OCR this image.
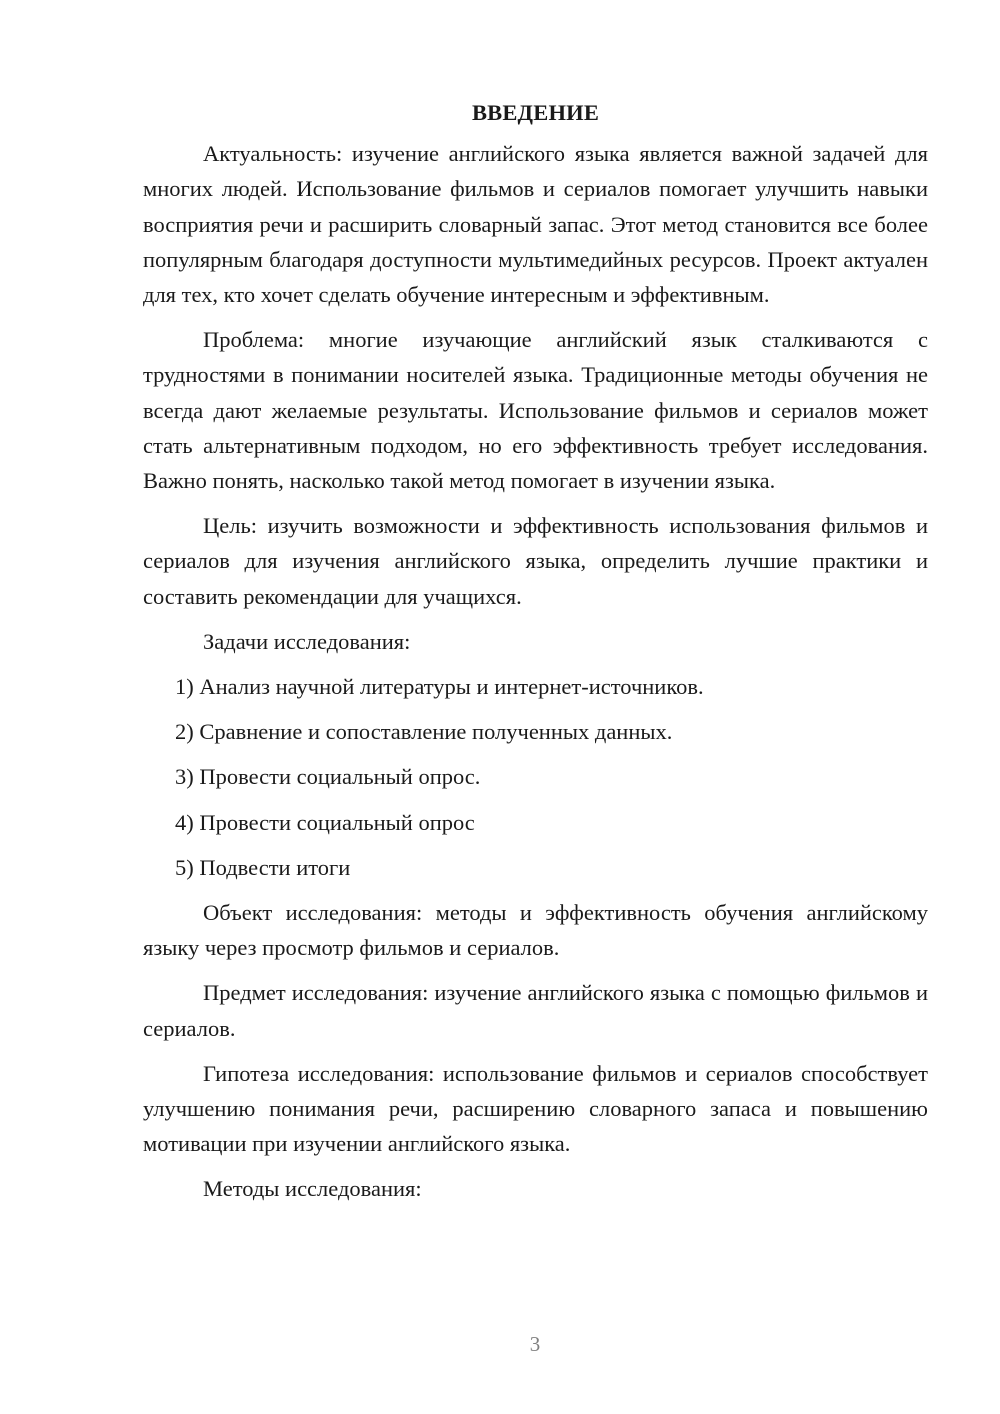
ВВЕДЕНИЕ

Актуальность: изучение английского языка является важной задачей для многих людей. Использование фильмов и сериалов помогает улучшить навыки восприятия речи и расширить словарный запас. Этот метод становится все более популярным благодаря доступности мультимедийных ресурсов. Проект актуален для тех, кто хочет сделать обучение интересным и эффективным.

Проблема: многие изучающие английский язык сталкиваются с трудностями в понимании носителей языка. Традиционные методы обучения не всегда дают желаемые результаты. Использование фильмов и сериалов может стать альтернативным подходом, но его эффективность требует исследования. Важно понять, насколько такой метод помогает в изучении языка.

Цель: изучить возможности и эффективность использования фильмов и сериалов для изучения английского языка, определить лучшие практики и составить рекомендации для учащихся.

Задачи исследования:

1) Анализ научной литературы и интернет-источников.

2) Сравнение и сопоставление полученных данных.

3) Провести социальный опрос.

4) Провести социальный опрос

5) Подвести итоги

Объект исследования: методы и эффективность обучения английскому языку через просмотр фильмов и сериалов.

Предмет исследования: изучение английского языка с помощью фильмов и сериалов.

Гипотеза исследования: использование фильмов и сериалов способствует улучшению понимания речи, расширению словарного запаса и повышению мотивации при изучении английского языка.

Методы исследования:

3
